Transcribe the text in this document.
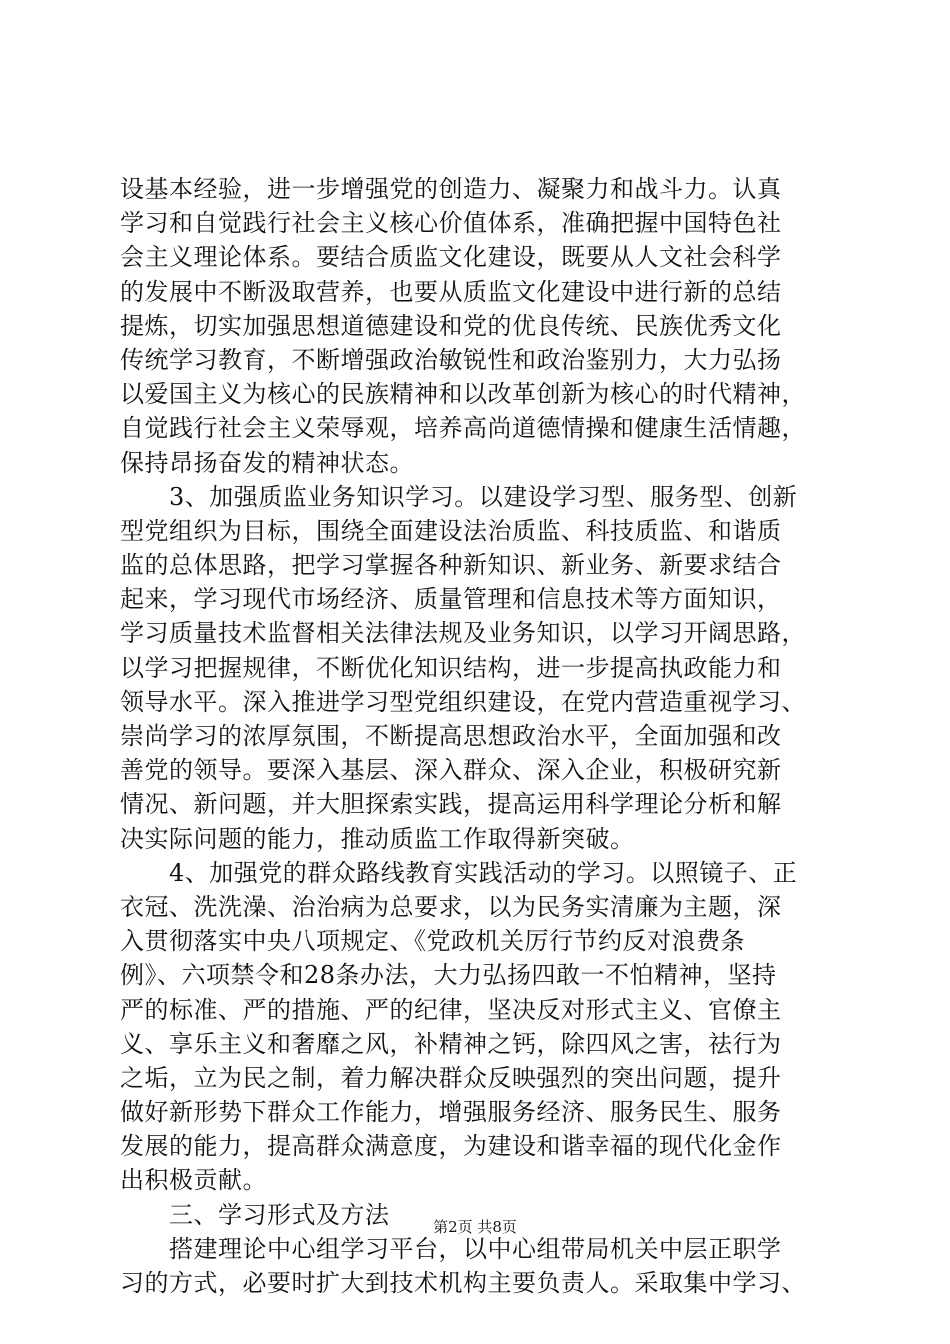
设基本经验，进一步增强党的创造力、凝聚力和战斗力。认真
学习和自觉践行社会主义核心价值体系，准确把握中国特色社
会主义理论体系。要结合质监文化建设，既要从人文社会科学
的发展中不断汲取营养，也要从质监文化建设中进行新的总结
提炼，切实加强思想道德建设和党的优良传统、民族优秀文化
传统学习教育，不断增强政治敏锐性和政治鉴别力，大力弘扬
以爱国主义为核心的民族精神和以改革创新为核心的时代精神，
自觉践行社会主义荣辱观，培养高尚道德情操和健康生活情趣，
保持昂扬奋发的精神状态。
　　3、加强质监业务知识学习。以建设学习型、服务型、创新
型党组织为目标，围绕全面建设法治质监、科技质监、和谐质
监的总体思路，把学习掌握各种新知识、新业务、新要求结合
起来，学习现代市场经济、质量管理和信息技术等方面知识，
学习质量技术监督相关法律法规及业务知识，以学习开阔思路，
以学习把握规律，不断优化知识结构，进一步提高执政能力和
领导水平。深入推进学习型党组织建设，在党内营造重视学习、
崇尚学习的浓厚氛围，不断提高思想政治水平，全面加强和改
善党的领导。要深入基层、深入群众、深入企业，积极研究新
情况、新问题，并大胆探索实践，提高运用科学理论分析和解
决实际问题的能力，推动质监工作取得新突破。
　　4、加强党的群众路线教育实践活动的学习。以照镜子、正
衣冠、洗洗澡、治治病为总要求，以为民务实清廉为主题，深
入贯彻落实中央八项规定、《党政机关厉行节约反对浪费条
例》、六项禁令和28条办法，大力弘扬四敢一不怕精神，坚持
严的标准、严的措施、严的纪律，坚决反对形式主义、官僚主
义、享乐主义和奢靡之风，补精神之钙，除四风之害，祛行为
之垢，立为民之制，着力解决群众反映强烈的突出问题，提升
做好新形势下群众工作能力，增强服务经济、服务民生、服务
发展的能力，提高群众满意度，为建设和谐幸福的现代化金作
出积极贡献。
　　三、学习形式及方法
　　搭建理论中心组学习平台，以中心组带局机关中层正职学
习的方式，必要时扩大到技术机构主要负责人。采取集中学习、
第2页 共8页
